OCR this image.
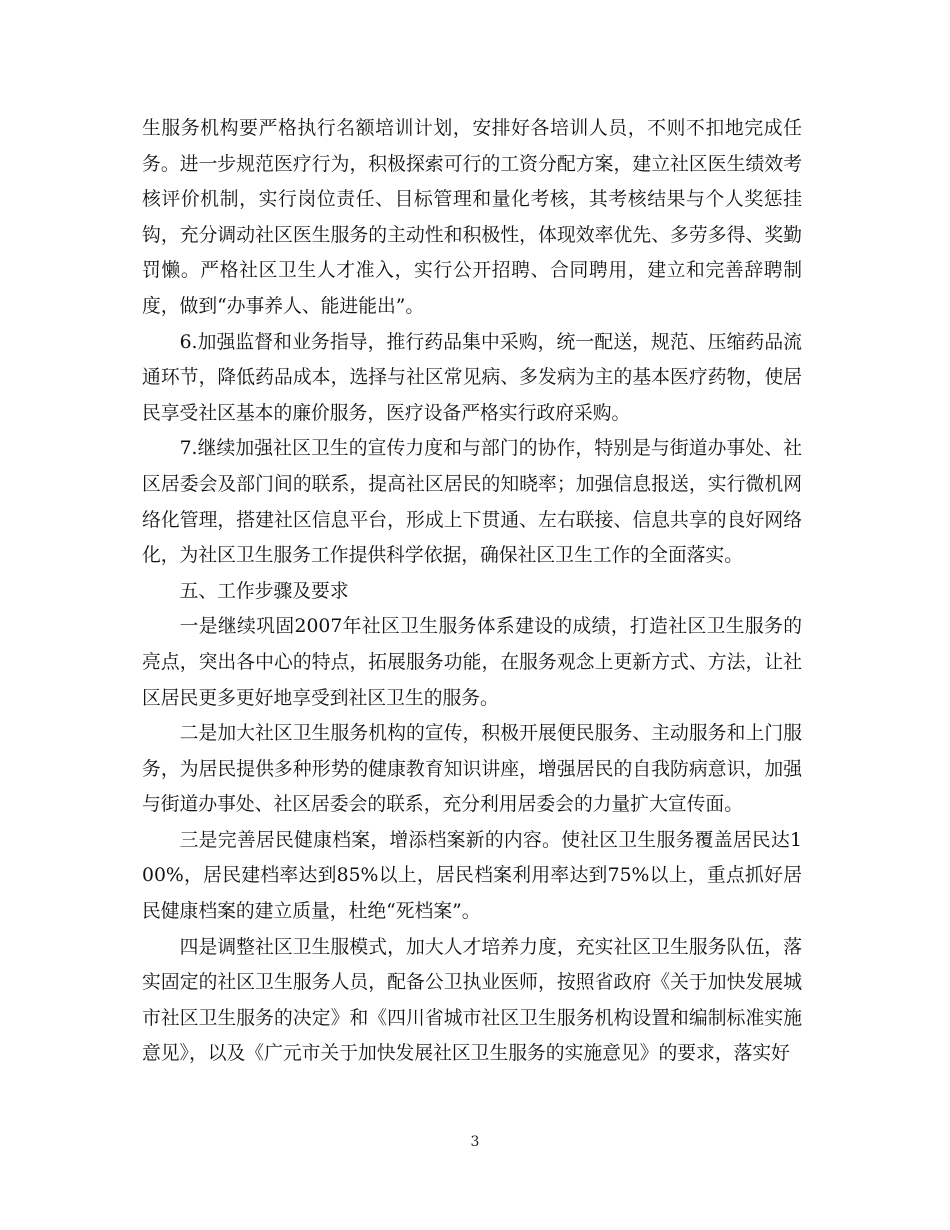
生服务机构要严格执行名额培训计划，安排好各培训人员，不则不扣地完成任务。进一步规范医疗行为，积极探索可行的工资分配方案，建立社区医生绩效考核评价机制，实行岗位责任、目标管理和量化考核，其考核结果与个人奖惩挂钩，充分调动社区医生服务的主动性和积极性，体现效率优先、多劳多得、奖勤罚懒。严格社区卫生人才准入，实行公开招聘、合同聘用，建立和完善辞聘制度，做到“办事养人、能进能出”。

6.加强监督和业务指导，推行药品集中采购，统一配送，规范、压缩药品流通环节，降低药品成本，选择与社区常见病、多发病为主的基本医疗药物，使居民享受社区基本的廉价服务，医疗设备严格实行政府采购。

7.继续加强社区卫生的宣传力度和与部门的协作，特别是与街道办事处、社区居委会及部门间的联系，提高社区居民的知晓率；加强信息报送，实行微机网络化管理，搭建社区信息平台，形成上下贯通、左右联接、信息共享的良好网络化，为社区卫生服务工作提供科学依据，确保社区卫生工作的全面落实。

五、工作步骤及要求

一是继续巩固2007年社区卫生服务体系建设的成绩，打造社区卫生服务的亮点，突出各中心的特点，拓展服务功能，在服务观念上更新方式、方法，让社区居民更多更好地享受到社区卫生的服务。

二是加大社区卫生服务机构的宣传，积极开展便民服务、主动服务和上门服务，为居民提供多种形势的健康教育知识讲座，增强居民的自我防病意识，加强与街道办事处、社区居委会的联系，充分利用居委会的力量扩大宣传面。

三是完善居民健康档案，增添档案新的内容。使社区卫生服务覆盖居民达100%，居民建档率达到85%以上，居民档案利用率达到75%以上，重点抓好居民健康档案的建立质量，杜绝“死档案”。

四是调整社区卫生服模式，加大人才培养力度，充实社区卫生服务队伍，落实固定的社区卫生服务人员，配备公卫执业医师，按照省政府《关于加快发展城市社区卫生服务的决定》和《四川省城市社区卫生服务机构设置和编制标准实施意见》，以及《广元市关于加快发展社区卫生服务的实施意见》的要求，落实好

3
